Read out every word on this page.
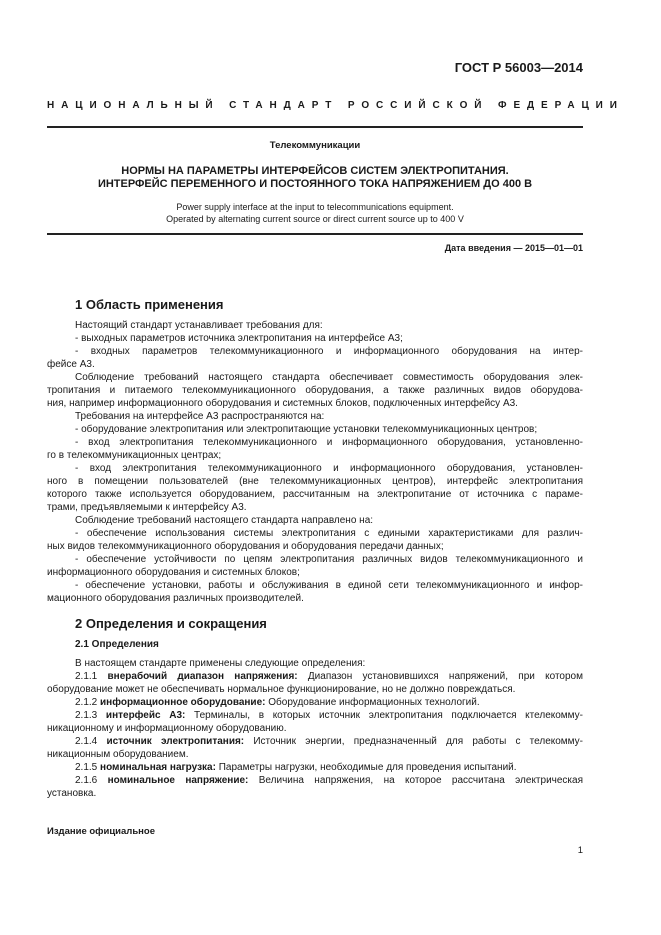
ГОСТ Р 56003—2014
НАЦИОНАЛЬНЫЙ СТАНДАРТ РОССИЙСКОЙ ФЕДЕРАЦИИ
Телекоммуникации
НОРМЫ НА ПАРАМЕТРЫ ИНТЕРФЕЙСОВ СИСТЕМ ЭЛЕКТРОПИТАНИЯ.
ИНТЕРФЕЙС ПЕРЕМЕННОГО И ПОСТОЯННОГО ТОКА НАПРЯЖЕНИЕМ ДО 400 В
Power supply interface at the input to telecommunications equipment.
Operated by alternating current source or direct current source up to 400 V
Дата введения — 2015—01—01
1 Область применения
Настоящий стандарт устанавливает требования для:
- выходных параметров источника электропитания на интерфейсе А3;
- входных параметров телекоммуникационного и информационного оборудования на интер-
фейсе А3.
Соблюдение требований настоящего стандарта обеспечивает совместимость оборудования элек-
тропитания и питаемого телекоммуникационного оборудования, а также различных видов оборудова-
ния, например информационного оборудования и системных блоков, подключенных интерфейсу А3.
Требования на интерфейсе А3 распространяются на:
- оборудование электропитания или электропитающие установки телекоммуникационных центров;
- вход электропитания телекоммуникационного и информационного оборудования, установленно-
го в телекоммуникационных центрах;
- вход электропитания телекоммуникационного и информационного оборудования, установлен-
ного в помещении пользователей (вне телекоммуникационных центров), интерфейс электропитания
которого также используется оборудованием, рассчитанным на электропитание от источника с параме-
трами, предъявляемыми к интерфейсу А3.
Соблюдение требований настоящего стандарта направлено на:
- обеспечение использования системы электропитания с едиными характеристиками для различ-
ных видов телекоммуникационного оборудования и оборудования передачи данных;
- обеспечение устойчивости по цепям электропитания различных видов телекоммуникационного и
информационного оборудования и системных блоков;
- обеспечение установки, работы и обслуживания в единой сети телекоммуникационного и инфор-
мационного оборудования различных производителей.
2 Определения и сокращения
2.1 Определения
В настоящем стандарте применены следующие определения:
2.1.1 внерабочий диапазон напряжения: Диапазон установившихся напряжений, при котором
оборудование может не обеспечивать нормальное функционирование, но не должно повреждаться.
2.1.2 информационное оборудование: Оборудование информационных технологий.
2.1.3 интерфейс А3: Терминалы, в которых источник электропитания подключается ктелекомму-
никационному и информационному оборудованию.
2.1.4 источник электропитания: Источник энергии, предназначенный для работы с телекомму-
никационным оборудованием.
2.1.5 номинальная нагрузка: Параметры нагрузки, необходимые для проведения испытаний.
2.1.6 номинальное напряжение: Величина напряжения, на которое рассчитана электрическая
установка.
Издание официальное
1
